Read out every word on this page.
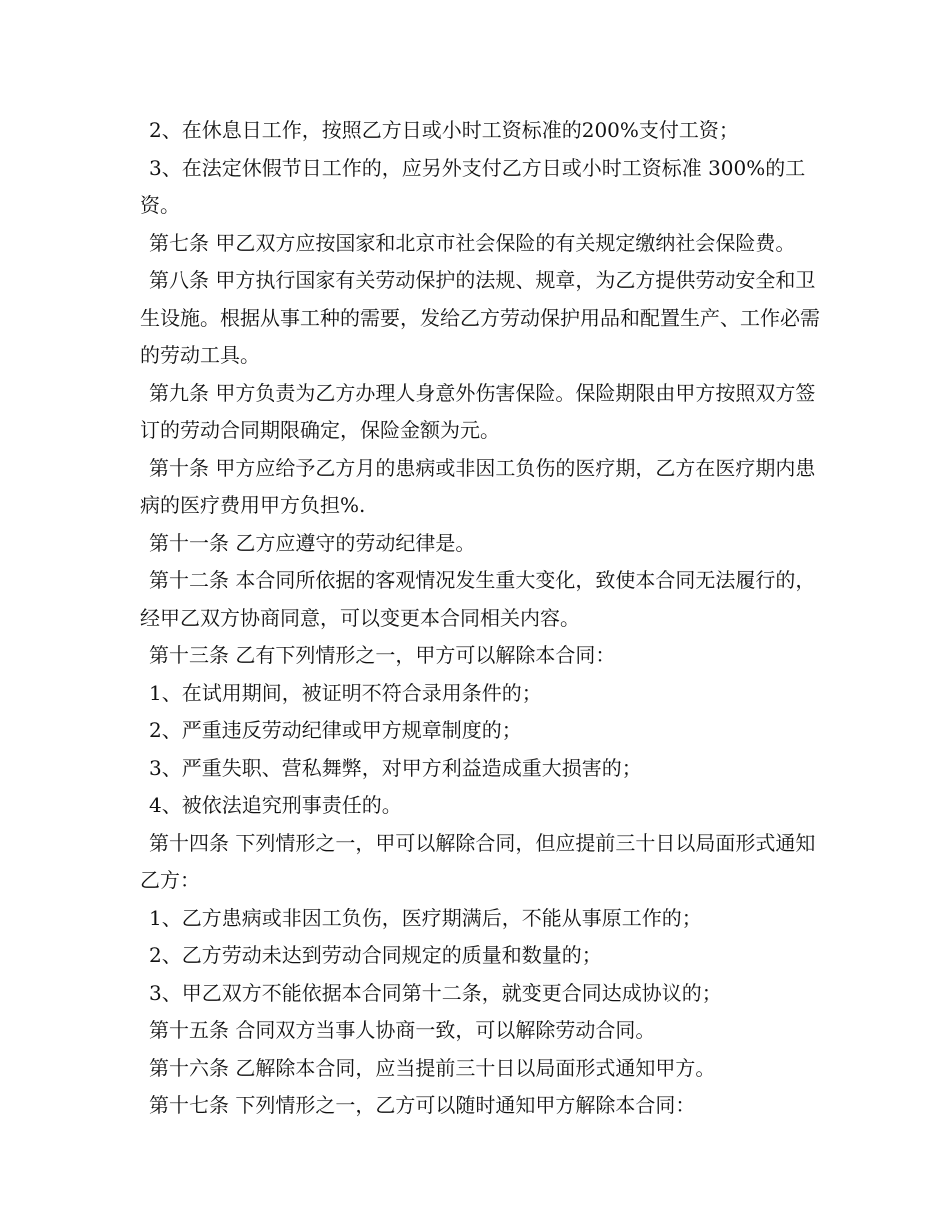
2、在休息日工作，按照乙方日或小时工资标准的200%支付工资；

3、在法定休假节日工作的，应另外支付乙方日或小时工资标准 300%的工资。

第七条 甲乙双方应按国家和北京市社会保险的有关规定缴纳社会保险费。

第八条 甲方执行国家有关劳动保护的法规、规章，为乙方提供劳动安全和卫生设施。根据从事工种的需要，发给乙方劳动保护用品和配置生产、工作必需的劳动工具。

第九条 甲方负责为乙方办理人身意外伤害保险。保险期限由甲方按照双方签订的劳动合同期限确定，保险金额为元。

第十条 甲方应给予乙方月的患病或非因工负伤的医疗期，乙方在医疗期内患病的医疗费用甲方负担%.

第十一条 乙方应遵守的劳动纪律是。

第十二条 本合同所依据的客观情况发生重大变化，致使本合同无法履行的，经甲乙双方协商同意，可以变更本合同相关内容。

第十三条 乙有下列情形之一，甲方可以解除本合同：

1、在试用期间，被证明不符合录用条件的；

2、严重违反劳动纪律或甲方规章制度的；

3、严重失职、营私舞弊，对甲方利益造成重大损害的；

4、被依法追究刑事责任的。

第十四条 下列情形之一，甲可以解除合同，但应提前三十日以局面形式通知乙方：

1、乙方患病或非因工负伤，医疗期满后，不能从事原工作的；

2、乙方劳动未达到劳动合同规定的质量和数量的；

3、甲乙双方不能依据本合同第十二条，就变更合同达成协议的；

第十五条 合同双方当事人协商一致，可以解除劳动合同。

第十六条 乙解除本合同，应当提前三十日以局面形式通知甲方。

第十七条 下列情形之一，乙方可以随时通知甲方解除本合同：
